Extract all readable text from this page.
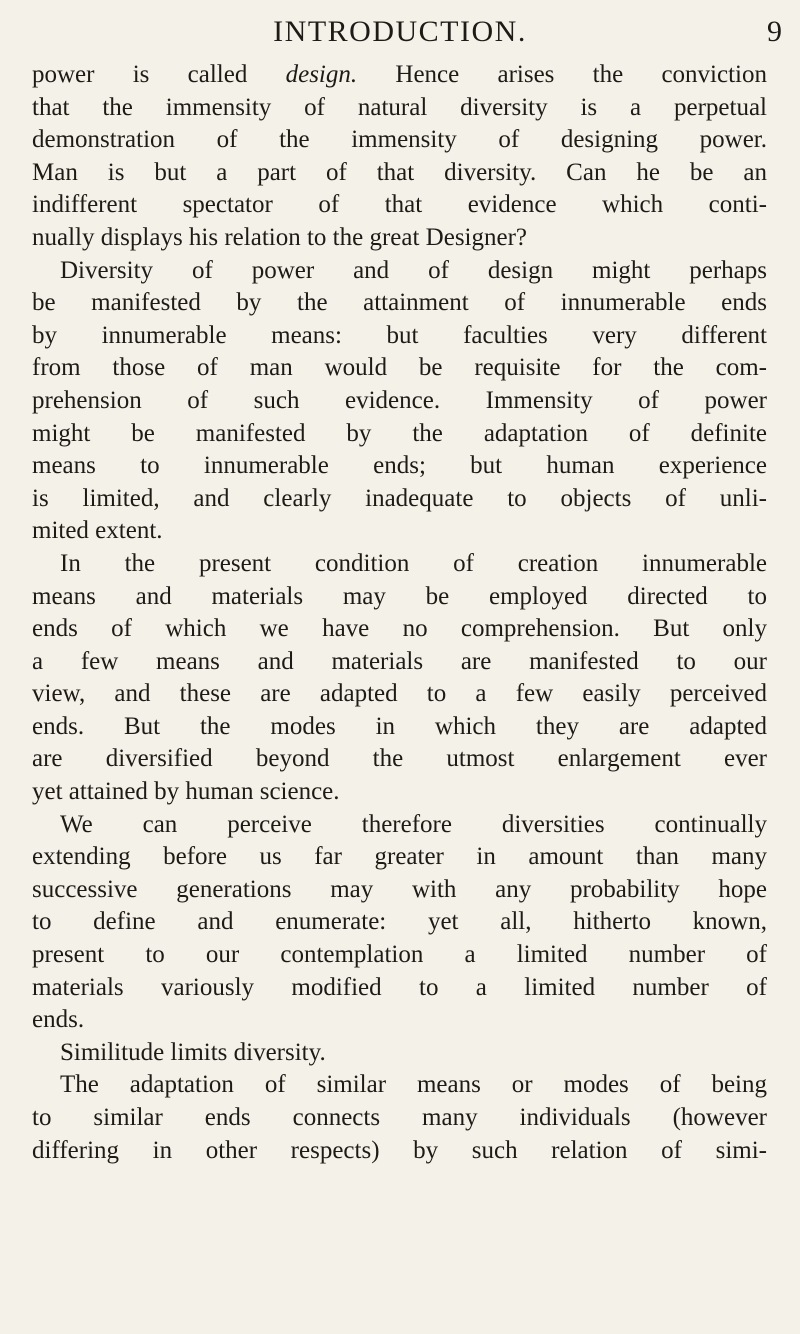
INTRODUCTION.	9
power is called design. Hence arises the conviction
that the immensity of natural diversity is a perpetual
demonstration of the immensity of designing power.
Man is but a part of that diversity. Can he be an
indifferent spectator of that evidence which conti-
nually displays his relation to the great Designer?
Diversity of power and of design might perhaps
be manifested by the attainment of innumerable ends
by innumerable means: but faculties very different
from those of man would be requisite for the com-
prehension of such evidence. Immensity of power
might be manifested by the adaptation of definite
means to innumerable ends; but human experience
is limited, and clearly inadequate to objects of unli-
mited extent.
In the present condition of creation innumerable
means and materials may be employed directed to
ends of which we have no comprehension. But only
a few means and materials are manifested to our
view, and these are adapted to a few easily perceived
ends. But the modes in which they are adapted
are diversified beyond the utmost enlargement ever
yet attained by human science.
We can perceive therefore diversities continually
extending before us far greater in amount than many
successive generations may with any probability hope
to define and enumerate: yet all, hitherto known,
present to our contemplation a limited number of
materials variously modified to a limited number of
ends.
Similitude limits diversity.
The adaptation of similar means or modes of being
to similar ends connects many individuals (however
differing in other respects) by such relation of simi-
